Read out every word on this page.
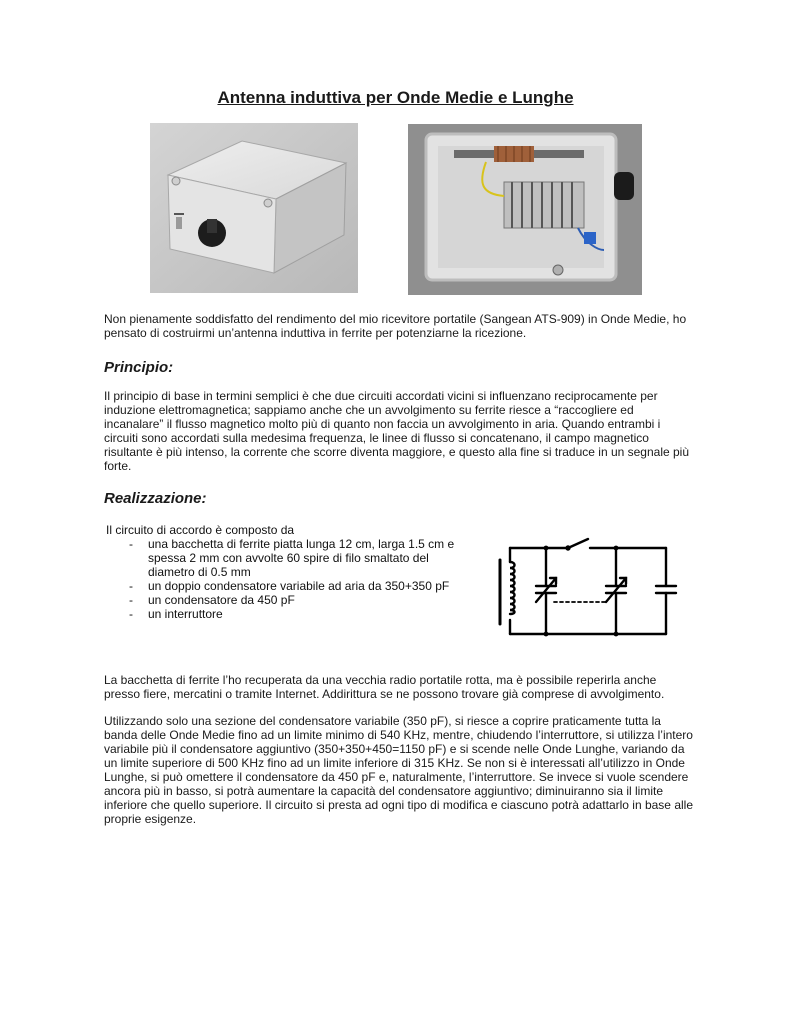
Antenna induttiva per Onde Medie e Lunghe

Non pienamente soddisfatto del rendimento del mio ricevitore portatile (Sangean ATS-909) in Onde Medie, ho pensato di costruirmi un’antenna induttiva in ferrite per potenziarne la ricezione.

Principio:

Il principio di base in termini semplici è che due circuiti accordati vicini si influenzano reciprocamente per induzione elettromagnetica; sappiamo anche che un avvolgimento su ferrite riesce a “raccogliere ed incanalare” il flusso magnetico molto più di quanto non faccia un avvolgimento in aria. Quando entrambi i circuiti sono accordati sulla medesima frequenza, le linee di flusso si concatenano, il campo magnetico risultante è più intenso, la corrente che scorre diventa maggiore, e questo alla fine si traduce in un segnale più forte.

Realizzazione:

Il circuito di accordo è composto da

- una bacchetta di ferrite piatta lunga 12 cm, larga 1.5 cm e spessa 2 mm con avvolte 60 spire di filo smaltato del diametro di 0.5 mm
- un doppio condensatore variabile ad aria da 350+350 pF
- un condensatore da 450 pF
- un interruttore

La bacchetta di ferrite l’ho recuperata da una vecchia radio portatile rotta, ma è possibile reperirla anche presso fiere, mercatini o tramite Internet. Addirittura se ne possono trovare già comprese di avvolgimento.

Utilizzando solo una sezione del condensatore variabile (350 pF), si riesce a coprire praticamente tutta la banda delle Onde Medie fino ad un limite minimo di 540 KHz, mentre, chiudendo l’interruttore, si utilizza l’intero variabile più il condensatore aggiuntivo (350+350+450=1150 pF) e si scende nelle Onde Lunghe, variando da un limite superiore di 500 KHz fino ad un limite inferiore di 315 KHz. Se non si è interessati all’utilizzo in Onde Lunghe, si può omettere il condensatore da 450 pF e, naturalmente, l’interruttore. Se invece si vuole scendere ancora più in basso, si potrà aumentare la capacità del condensatore aggiuntivo; diminuiranno sia il limite inferiore che quello superiore. Il circuito si presta ad ogni tipo di modifica e ciascuno potrà adattarlo in base alle proprie esigenze.
